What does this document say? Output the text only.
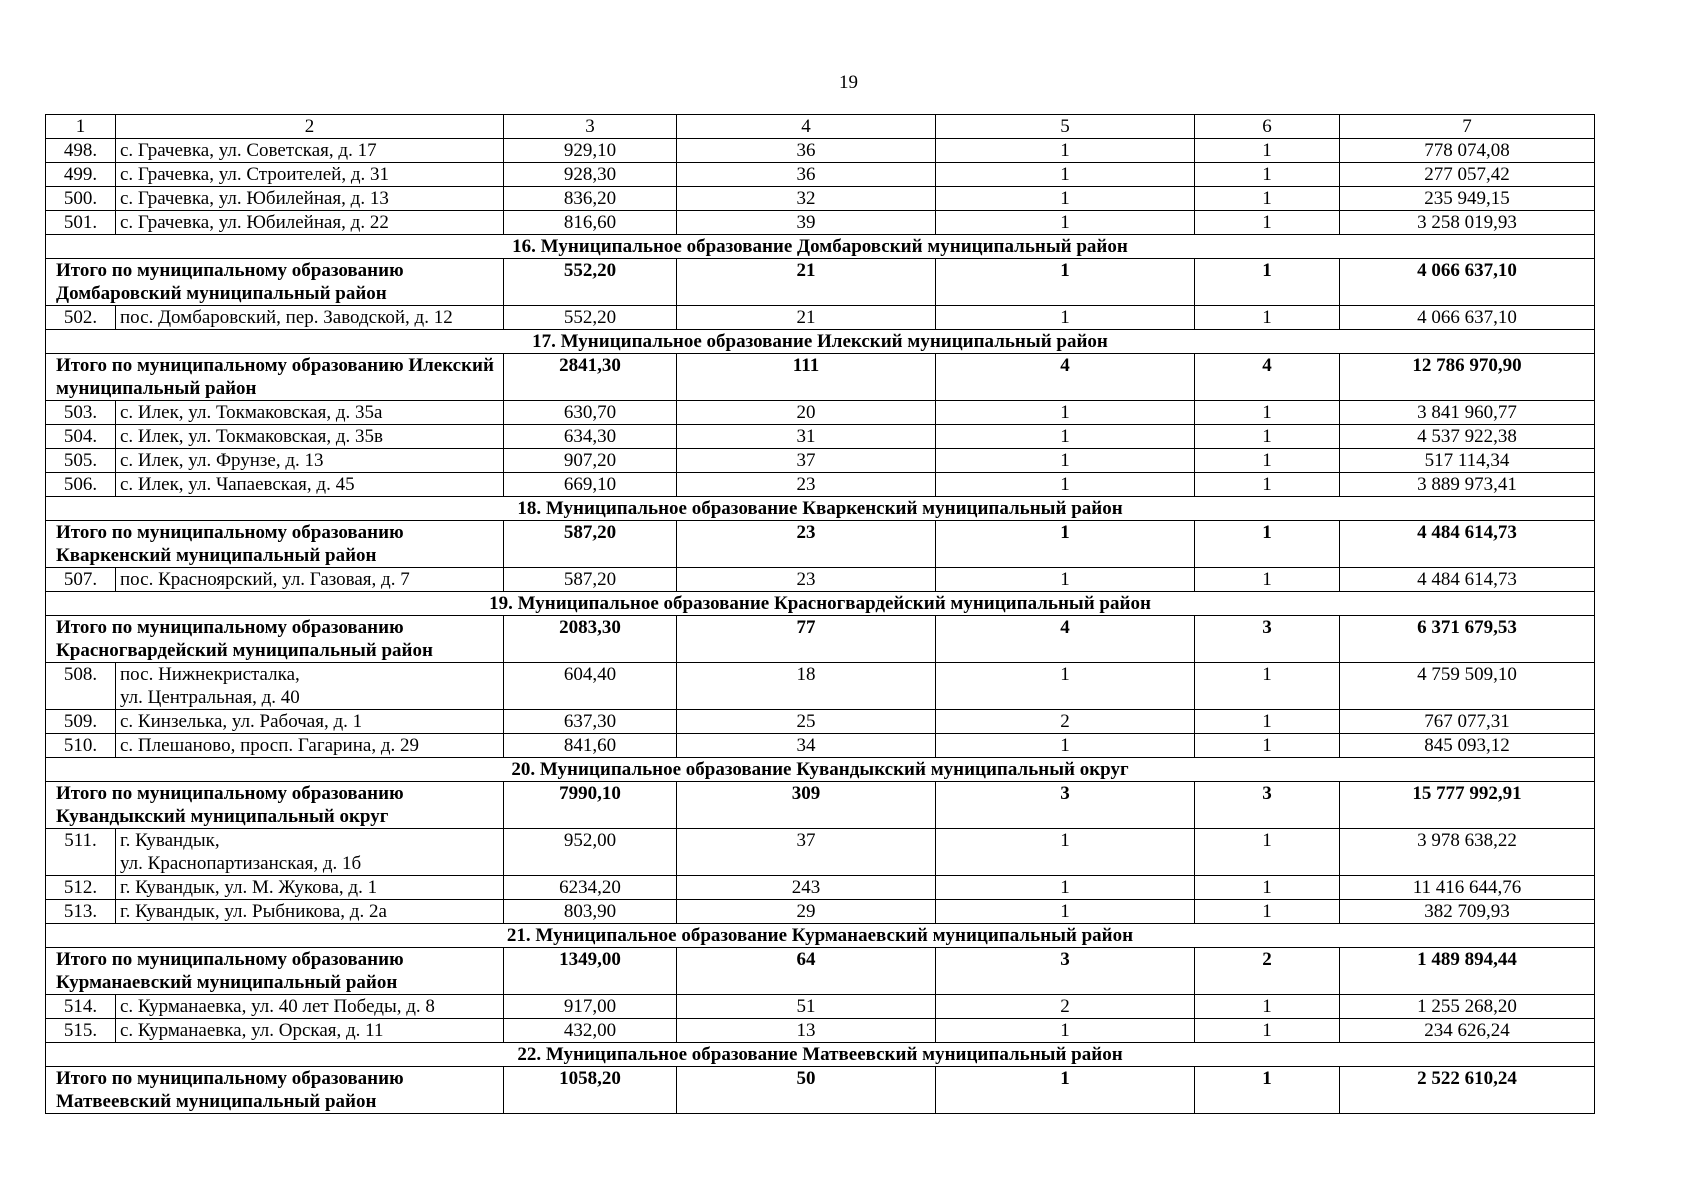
19
1	2	3	4	5	6	7
498.	с. Грачевка, ул. Советская, д. 17	929,10	36	1	1	778 074,08
499.	с. Грачевка, ул. Строителей, д. 31	928,30	36	1	1	277 057,42
500.	с. Грачевка, ул. Юбилейная, д. 13	836,20	32	1	1	235 949,15
501.	с. Грачевка, ул. Юбилейная, д. 22	816,60	39	1	1	3 258 019,93
16. Муниципальное образование Домбаровский муниципальный район						
Итого по муниципальному образованию Домбаровский муниципальный район		552,20	21	1	1	4 066 637,10
502.	пос. Домбаровский, пер. Заводской, д. 12	552,20	21	1	1	4 066 637,10
17. Муниципальное образование Илекский муниципальный район						
Итого по муниципальному образованию Илекский муниципальный район		2841,30	111	4	4	12 786 970,90
503.	с. Илек, ул. Токмаковская, д. 35а	630,70	20	1	1	3 841 960,77
504.	с. Илек, ул. Токмаковская, д. 35в	634,30	31	1	1	4 537 922,38
505.	с. Илек, ул. Фрунзе, д. 13	907,20	37	1	1	517 114,34
506.	с. Илек, ул. Чапаевская, д. 45	669,10	23	1	1	3 889 973,41
18. Муниципальное образование Кваркенский муниципальный район						
Итого по муниципальному образованию Кваркенский муниципальный район		587,20	23	1	1	4 484 614,73
507.	пос. Красноярский, ул. Газовая, д. 7	587,20	23	1	1	4 484 614,73
19. Муниципальное образование Красногвардейский муниципальный район						
Итого по муниципальному образованию Красногвардейский муниципальный район		2083,30	77	4	3	6 371 679,53
508.	пос. Нижнекристалка,
ул. Центральная, д. 40	604,40	18	1	1	4 759 509,10
509.	с. Кинзелька, ул. Рабочая, д. 1	637,30	25	2	1	767 077,31
510.	с. Плешаново, просп. Гагарина, д. 29	841,60	34	1	1	845 093,12
20. Муниципальное образование Кувандыкский муниципальный округ						
Итого по муниципальному образованию Кувандыкский муниципальный округ		7990,10	309	3	3	15 777 992,91
511.	г. Кувандык,
ул. Краснопартизанская, д. 1б	952,00	37	1	1	3 978 638,22
512.	г. Кувандык, ул. М. Жукова, д. 1	6234,20	243	1	1	11 416 644,76
513.	г. Кувандык, ул. Рыбникова, д. 2а	803,90	29	1	1	382 709,93
21. Муниципальное образование Курманаевский муниципальный район						
Итого по муниципальному образованию Курманаевский муниципальный район		1349,00	64	3	2	1 489 894,44
514.	с. Курманаевка, ул. 40 лет Победы, д. 8	917,00	51	2	1	1 255 268,20
515.	с. Курманаевка, ул. Орская, д. 11	432,00	13	1	1	234 626,24
22. Муниципальное образование Матвеевский муниципальный район						
Итого по муниципальному образованию Матвеевский муниципальный район		1058,20	50	1	1	2 522 610,24
